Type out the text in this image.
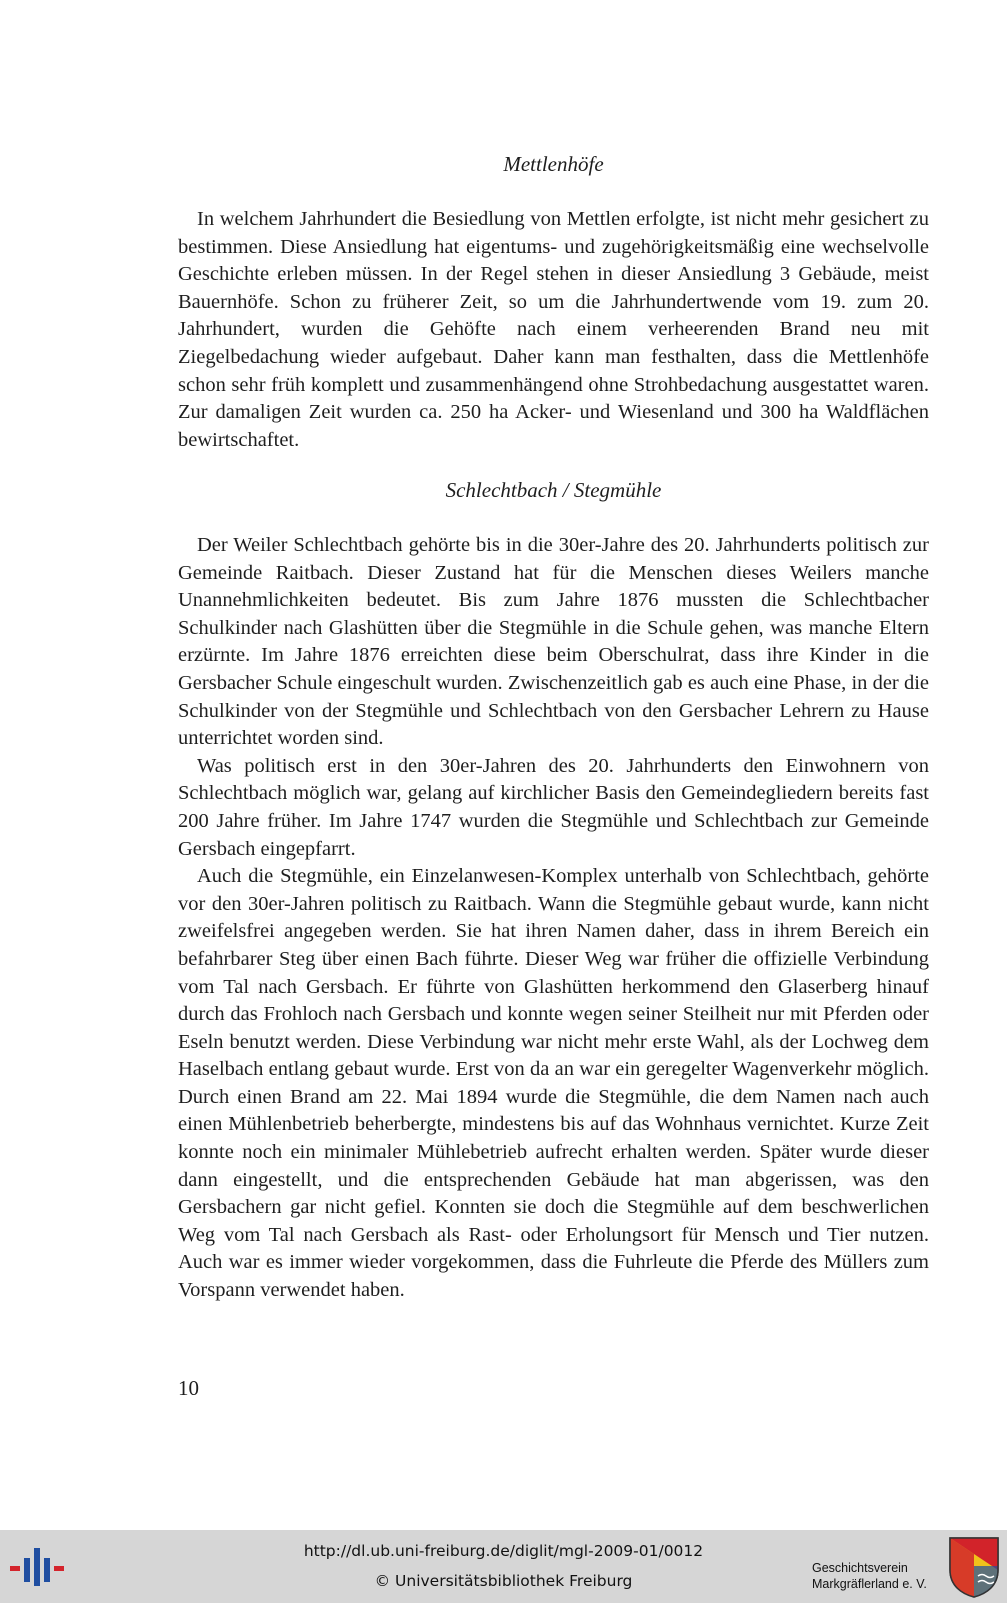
Mettlenhöfe

In welchem Jahrhundert die Besiedlung von Mettlen erfolgte, ist nicht mehr gesichert zu bestimmen. Diese Ansiedlung hat eigentums- und zugehörigkeitsmäßig eine wechselvolle Geschichte erleben müssen. In der Regel stehen in dieser Ansiedlung 3 Gebäude, meist Bauernhöfe. Schon zu früherer Zeit, so um die Jahrhundertwende vom 19. zum 20. Jahrhundert, wurden die Gehöfte nach einem verheerenden Brand neu mit Ziegelbedachung wieder aufgebaut. Daher kann man festhalten, dass die Mettlenhöfe schon sehr früh komplett und zusammenhängend ohne Strohbedachung ausgestattet waren. Zur damaligen Zeit wurden ca. 250 ha Acker- und Wiesenland und 300 ha Waldflächen bewirtschaftet.

Schlechtbach / Stegmühle

Der Weiler Schlechtbach gehörte bis in die 30er-Jahre des 20. Jahrhunderts politisch zur Gemeinde Raitbach. Dieser Zustand hat für die Menschen dieses Weilers manche Unannehmlichkeiten bedeutet. Bis zum Jahre 1876 mussten die Schlechtbacher Schulkinder nach Glashütten über die Stegmühle in die Schule gehen, was manche Eltern erzürnte. Im Jahre 1876 erreichten diese beim Oberschulrat, dass ihre Kinder in die Gersbacher Schule eingeschult wurden. Zwischenzeitlich gab es auch eine Phase, in der die Schulkinder von der Stegmühle und Schlechtbach von den Gersbacher Lehrern zu Hause unterrichtet worden sind.

Was politisch erst in den 30er-Jahren des 20. Jahrhunderts den Einwohnern von Schlechtbach möglich war, gelang auf kirchlicher Basis den Gemeindegliedern bereits fast 200 Jahre früher. Im Jahre 1747 wurden die Stegmühle und Schlechtbach zur Gemeinde Gersbach eingepfarrt.

Auch die Stegmühle, ein Einzelanwesen-Komplex unterhalb von Schlechtbach, gehörte vor den 30er-Jahren politisch zu Raitbach. Wann die Stegmühle gebaut wurde, kann nicht zweifelsfrei angegeben werden. Sie hat ihren Namen daher, dass in ihrem Bereich ein befahrbarer Steg über einen Bach führte. Dieser Weg war früher die offizielle Verbindung vom Tal nach Gersbach. Er führte von Glashütten herkommend den Glaserberg hinauf durch das Frohloch nach Gersbach und konnte wegen seiner Steilheit nur mit Pferden oder Eseln benutzt werden. Diese Verbindung war nicht mehr erste Wahl, als der Lochweg dem Haselbach entlang gebaut wurde. Erst von da an war ein geregelter Wagenverkehr möglich. Durch einen Brand am 22. Mai 1894 wurde die Stegmühle, die dem Namen nach auch einen Mühlenbetrieb beherbergte, mindestens bis auf das Wohnhaus vernichtet. Kurze Zeit konnte noch ein minimaler Mühlebetrieb aufrecht erhalten werden. Später wurde dieser dann eingestellt, und die entsprechenden Gebäude hat man abgerissen, was den Gersbachern gar nicht gefiel. Konnten sie doch die Stegmühle auf dem beschwerlichen Weg vom Tal nach Gersbach als Rast- oder Erholungsort für Mensch und Tier nutzen. Auch war es immer wieder vorgekommen, dass die Fuhrleute die Pferde des Müllers zum Vorspann verwendet haben.

10
http://dl.ub.uni-freiburg.de/diglit/mgl-2009-01/0012
© Universitätsbibliothek Freiburg
Geschichtsverein
Markgräflerland e. V.
